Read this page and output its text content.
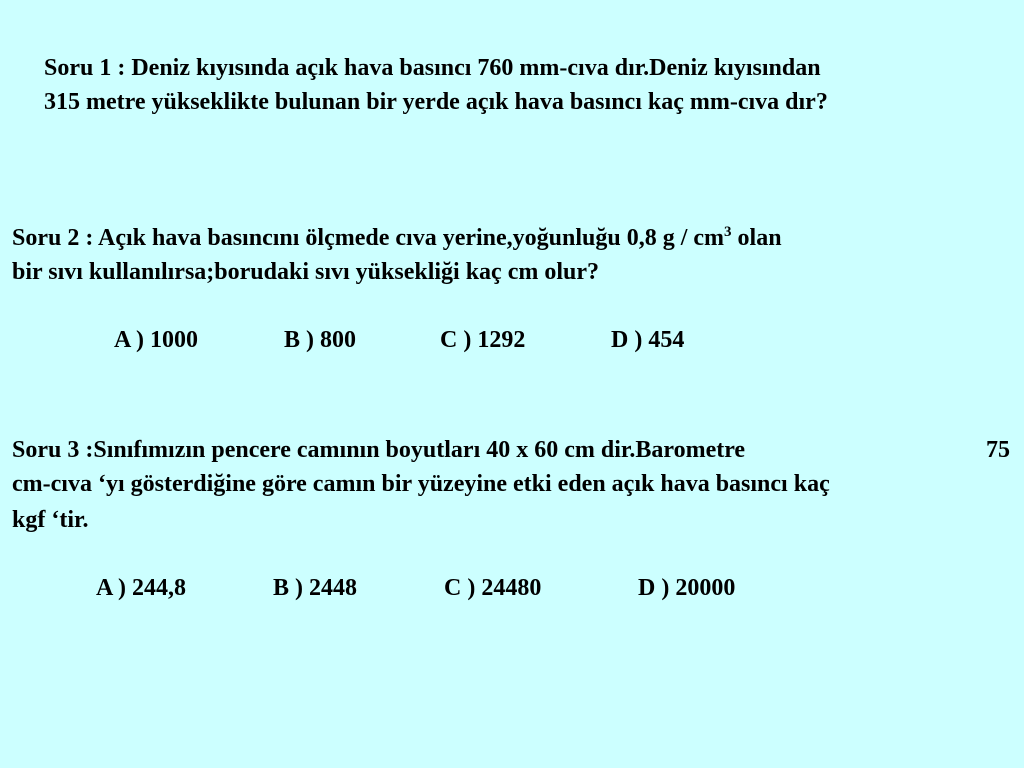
Soru 1 : Deniz kıyısında açık hava basıncı 760 mm-cıva dır.Deniz kıyısından
315 metre yükseklikte bulunan bir yerde açık hava basıncı kaç mm-cıva dır?
Soru 2 : Açık hava basıncını ölçmede cıva yerine,yoğunluğu 0,8 g / $cm^3$ olan
bir sıvı kullanılırsa;borudaki sıvı yüksekliği kaç cm olur?
A ) 1000	B ) 800	C ) 1292	D ) 454
Soru 3 :Sınıfımızın pencere camının boyutları 40 x 60 cm dir.Barometre	75
cm-cıva ‘yı gösterdiğine göre camın bir yüzeyine etki eden açık hava basıncı kaç
kgf ‘tir.
A ) 244,8	B ) 2448	C ) 24480	D ) 20000
